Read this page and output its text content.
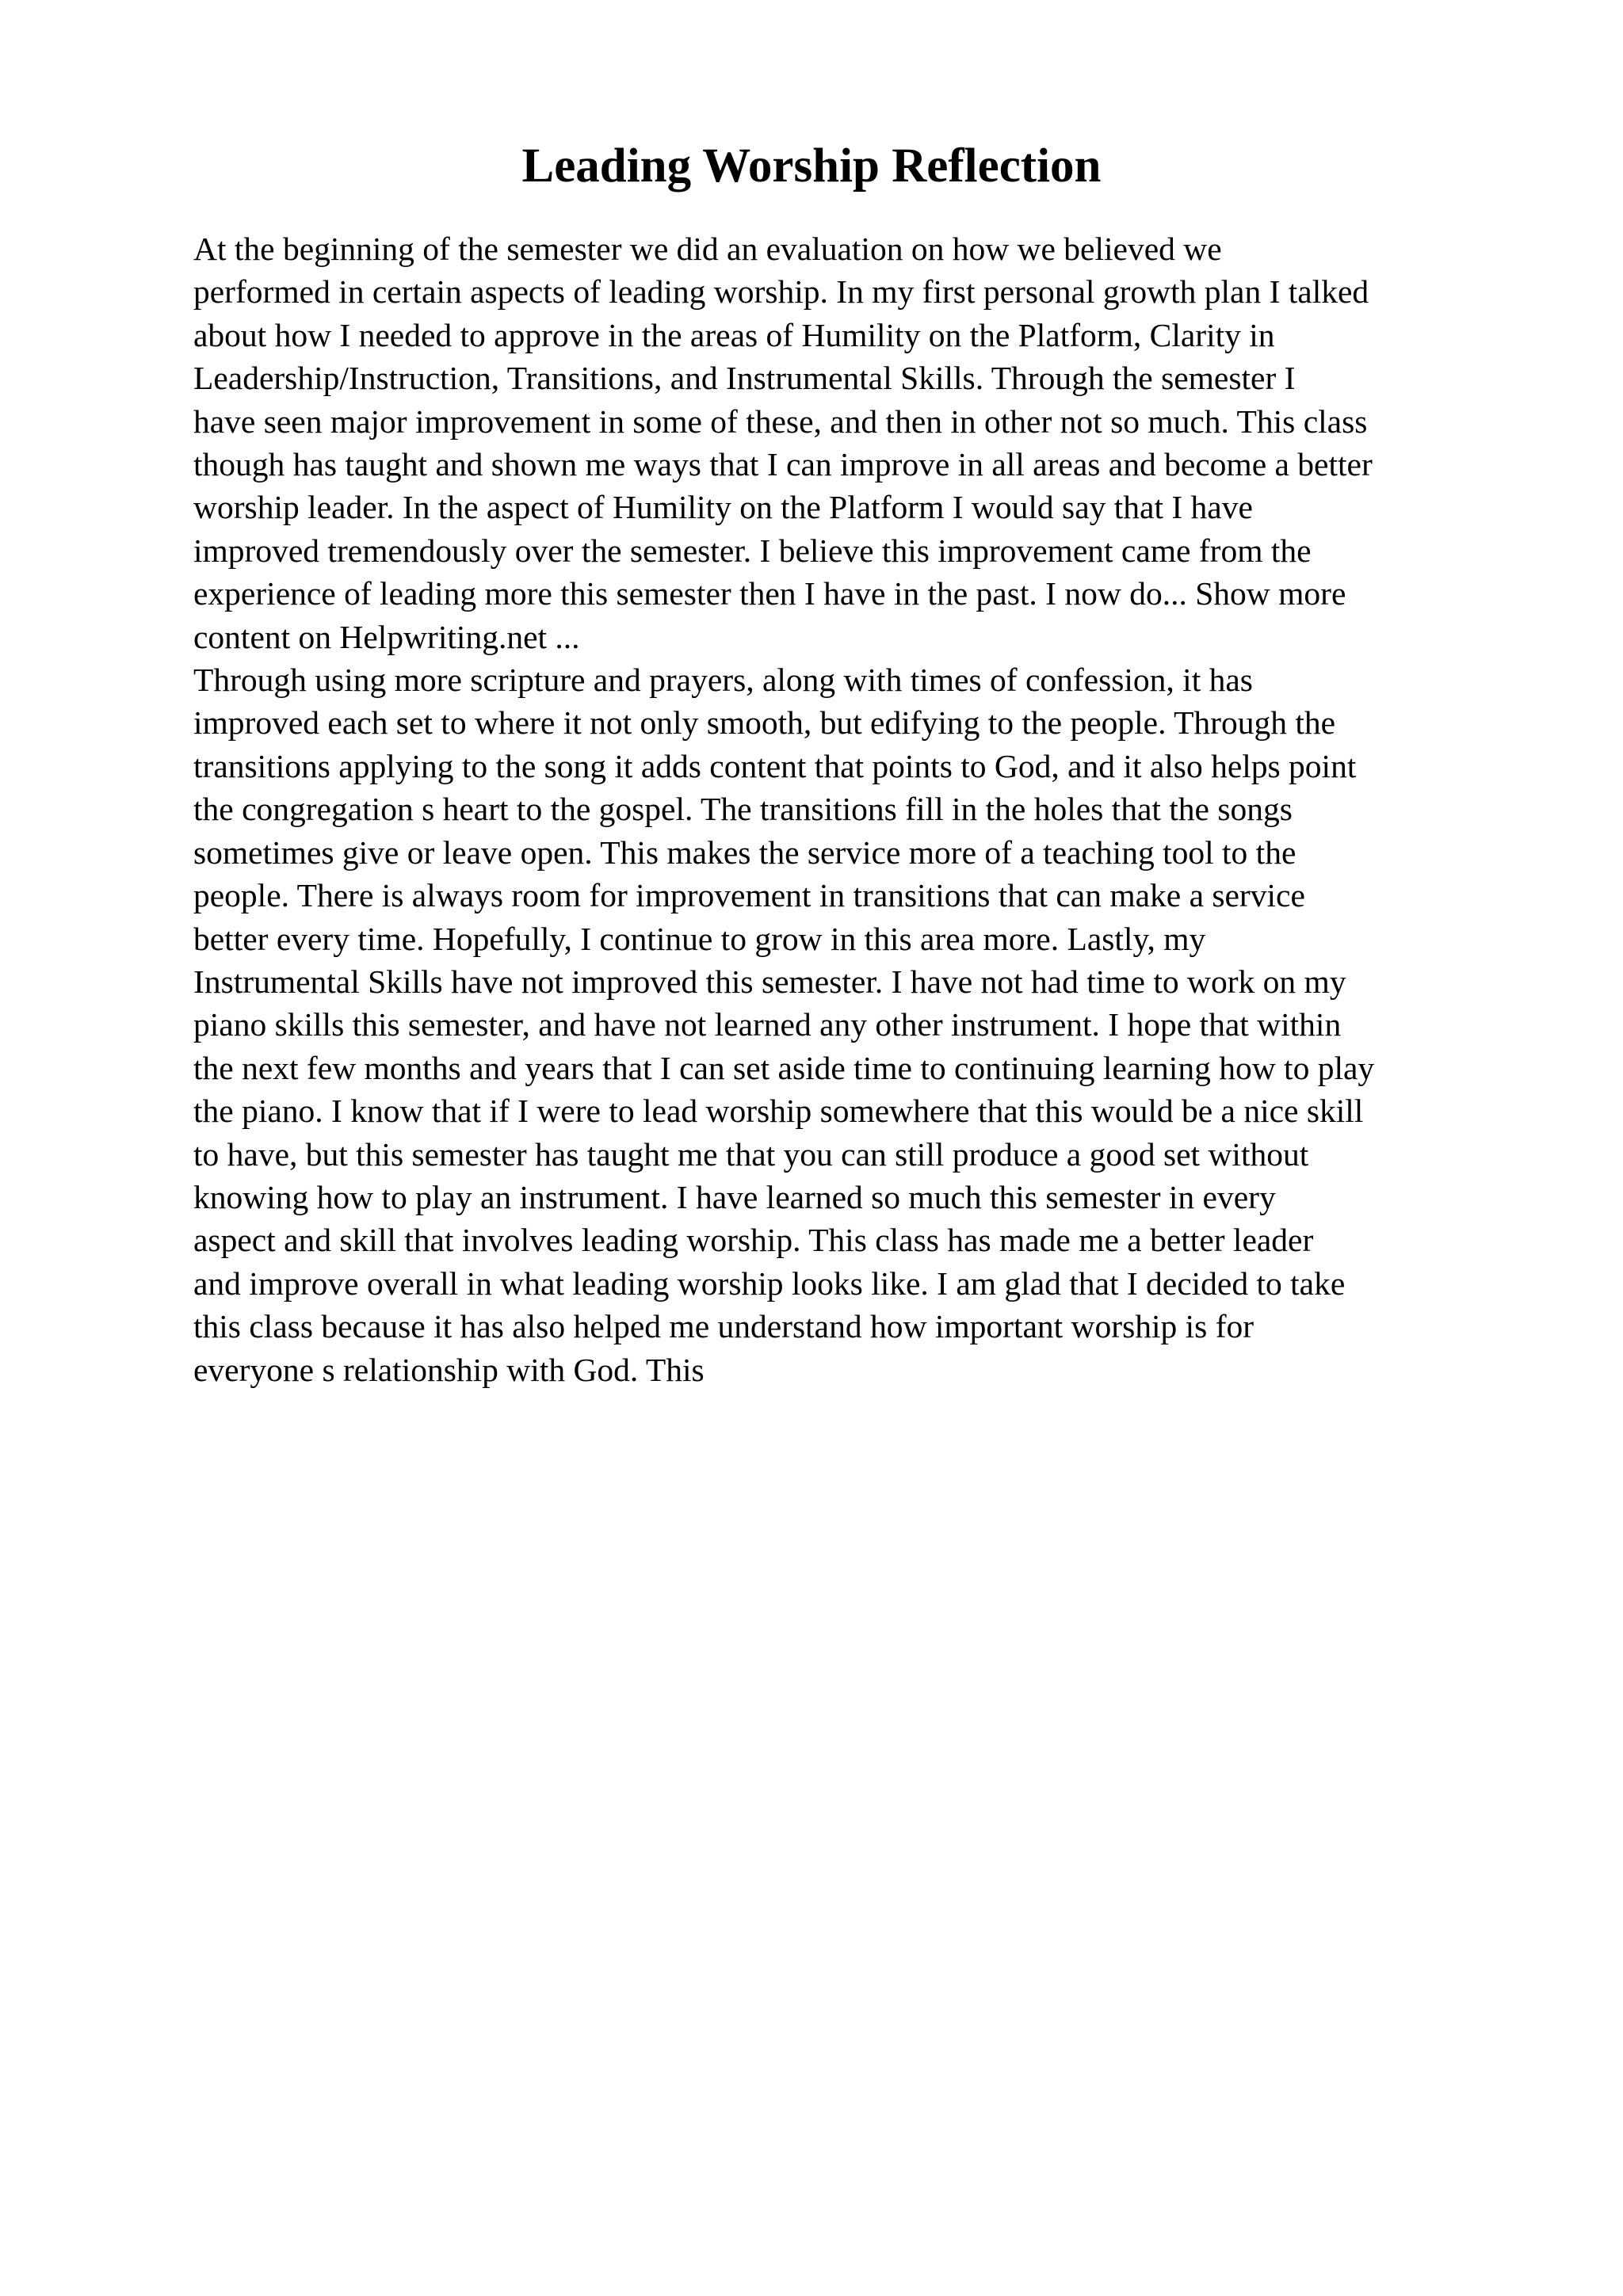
Leading Worship Reflection
At the beginning of the semester we did an evaluation on how we believed we
performed in certain aspects of leading worship. In my first personal growth plan I talked
about how I needed to approve in the areas of Humility on the Platform, Clarity in
Leadership/Instruction, Transitions, and Instrumental Skills. Through the semester I
have seen major improvement in some of these, and then in other not so much. This class
though has taught and shown me ways that I can improve in all areas and become a better
worship leader. In the aspect of Humility on the Platform I would say that I have
improved tremendously over the semester. I believe this improvement came from the
experience of leading more this semester then I have in the past. I now do... Show more
content on Helpwriting.net ...
Through using more scripture and prayers, along with times of confession, it has
improved each set to where it not only smooth, but edifying to the people. Through the
transitions applying to the song it adds content that points to God, and it also helps point
the congregation s heart to the gospel. The transitions fill in the holes that the songs
sometimes give or leave open. This makes the service more of a teaching tool to the
people. There is always room for improvement in transitions that can make a service
better every time. Hopefully, I continue to grow in this area more. Lastly, my
Instrumental Skills have not improved this semester. I have not had time to work on my
piano skills this semester, and have not learned any other instrument. I hope that within
the next few months and years that I can set aside time to continuing learning how to play
the piano. I know that if I were to lead worship somewhere that this would be a nice skill
to have, but this semester has taught me that you can still produce a good set without
knowing how to play an instrument. I have learned so much this semester in every
aspect and skill that involves leading worship. This class has made me a better leader
and improve overall in what leading worship looks like. I am glad that I decided to take
this class because it has also helped me understand how important worship is for
everyone s relationship with God. This
